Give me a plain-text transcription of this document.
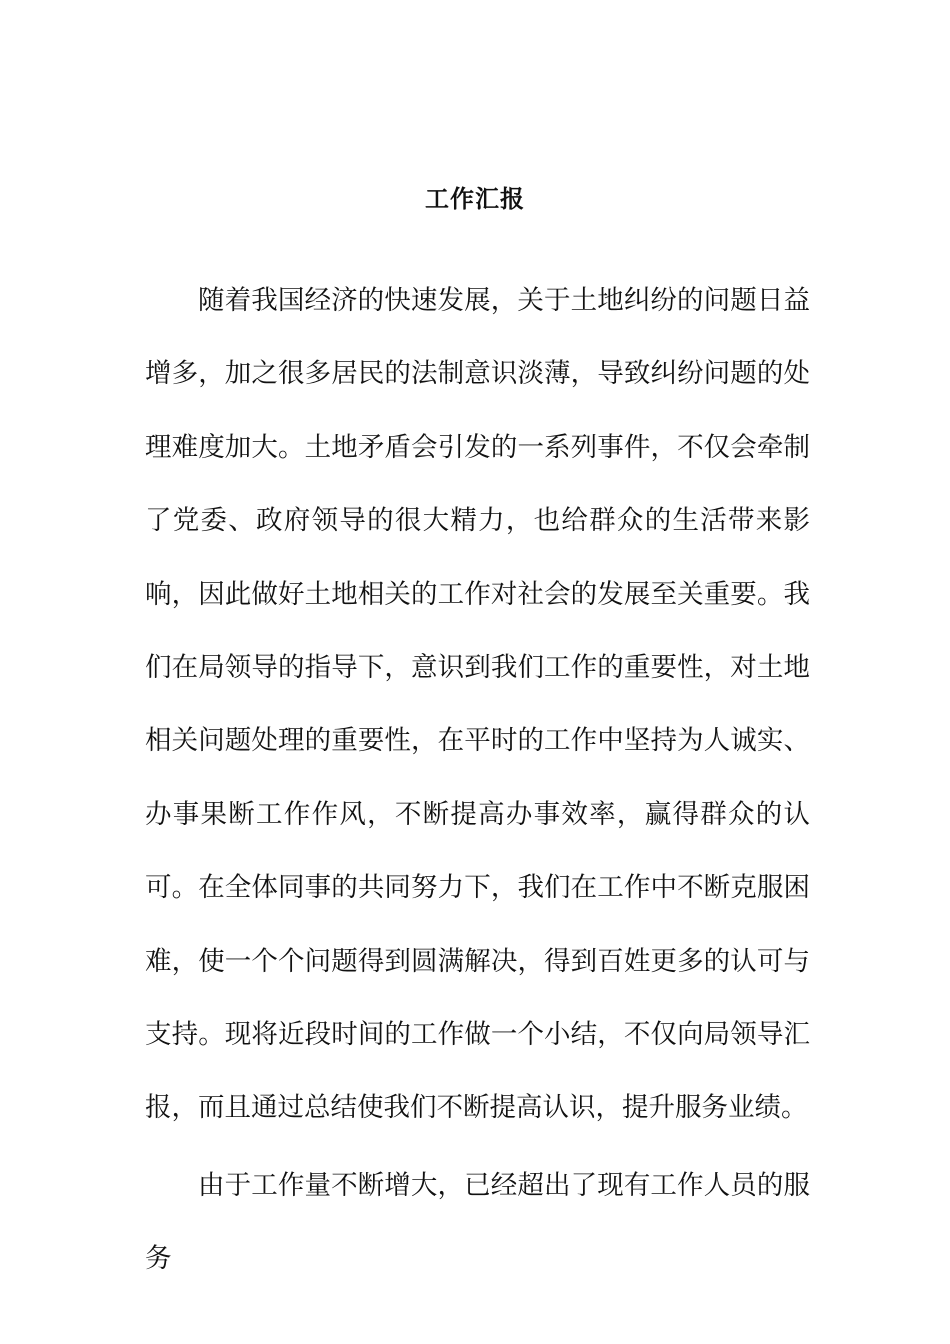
工作汇报

随着我国经济的快速发展，关于土地纠纷的问题日益增多，加之很多居民的法制意识淡薄，导致纠纷问题的处理难度加大。土地矛盾会引发的一系列事件，不仅会牵制了党委、政府领导的很大精力，也给群众的生活带来影响，因此做好土地相关的工作对社会的发展至关重要。我们在局领导的指导下，意识到我们工作的重要性，对土地相关问题处理的重要性，在平时的工作中坚持为人诚实、办事果断工作作风，不断提高办事效率，赢得群众的认可。在全体同事的共同努力下，我们在工作中不断克服困难，使一个个问题得到圆满解决，得到百姓更多的认可与支持。现将近段时间的工作做一个小结，不仅向局领导汇报，而且通过总结使我们不断提高认识，提升服务业绩。

由于工作量不断增大，已经超出了现有工作人员的服务
